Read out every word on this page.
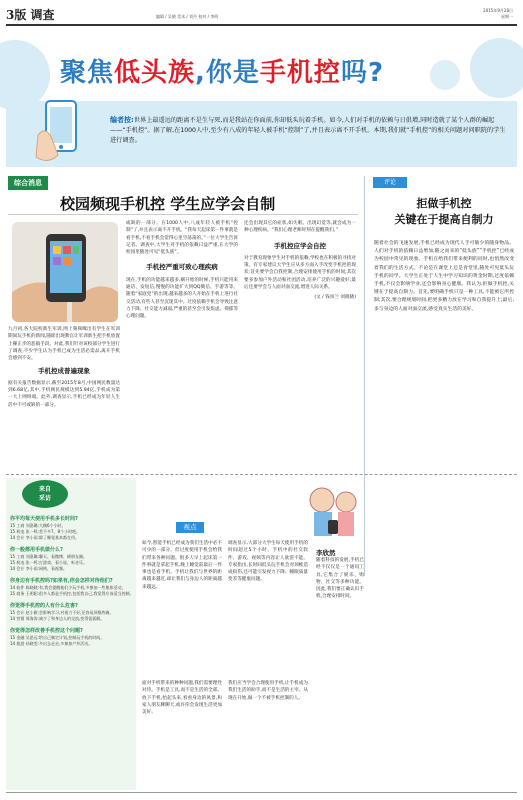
3版 调查	编辑 / 吴晓 美术 / 刘丹 校对 / 李明
2015年9月28日
星期一
聚焦低头族,你是手机控吗?
编者按:世界上最遥远的距离不是生与死,而是我站在你面前,你却低头玩着手机。如今,人们对手机的依赖与日俱增,同时造就了某个人群的崛起——“手机控”。据了解,在1000人中,至少有八成的年轻人被手机“控制”了,并且表示离不开手机。本期,我们就“手机控”的相关问题对问职院的学生进行调查。
综合消息
校园频现手机控 学生应学会自制
九月初,各大院校新生军训,网上频频曝出有学生在军训期间玩手机的新闻,随即出现教官让军训新生把手机放置上操正步的恶搞手段。对此,我们针对该校部分学生进行了调查,不少学生认为手机已成为生活必需品,离开手机会感到不安。
手机控成普遍现象
据有关报告数据显示,截至2015年8月,中国网民数量达到6.68亿,其中,手机网民规模达到5.94亿,手机成为第一大上网终端。此外,调查显示,手机已经成为年轻人生活中不可或缺的一部分。
或缺的一部分。在1000人中,八成年轻人被手机“控制”了,并且表示离不开手机。“我每天起床第一件事就是看手机,不看手机会觉得心里空荡荡的。”一位大学生告诉记者。调查中,大学生对手机的依赖日益严重,在大学的校园里随处可见“低头族”。
手机控严重可致心理疾病
现在,手机的功能越来越多,刷开始的时候,手机只能用来通话、发短信,慢慢的功能扩大到QQ微信、手游等等。随着“家庭党”的出现,越来越多的人开始在手机上进行社交活动,有些人甚至沉迷其中。过度依赖手机会导致注意力下降、社交能力减弱,严重的甚至会引发焦虑、抑郁等心理问题。
还会出现其它的症状,如失眠、出现幻觉等,就会成为一种心理疾病。“我们心理老师时刻在提醒我们。”
手机控应学会自控
对于教育现象学生对手机的依赖,学校也在积极的寻找对策。有专家建议大学生应从多方面入手改变手机控的现状:首先要学会自我控制,合理安排使用手机的时间;其次要多参加户外活动和社团活动,培养广泛的兴趣爱好;最后还要学会与人面对面交流,增进人际关系。
(文 / 钱凤兰 刘晓晓)
评论
拒做手机控
关键在于提高自制力
随着社会的飞速发展,手机已经成为现代人手可敏少的随身物品。人们对手机的依赖日益增加,随之而来的“低头族”“手机控”已经成为校园中常见的现象。手机在给我们带来便利的同时,也悄然改变着我们的生活方式。不论是在课堂上还是食堂里,随处可见低头玩手机的同学。大学生正处于人生中学习知识的黄金时期,过度依赖手机,不仅会影响学业,还会影响身心健康。我认为,拒做手机控,关键在于提高自制力。首先,要明确手机只是一种工具,不能被它所控制;其次,要合理规划时间,把更多精力放在学习和自我提升上;最后,多与身边的人面对面交流,感受真实生活的美好。
来自
采访
你平均每天使用手机多长时间?
15 工商 刘嘉璐:大概6个小时。
15 机电 张一鸣:差不多7、8个小时吧。
14 会计 李小雨:除了睡觉基本都在用。
你一般都用手机做什么?
15 工商 刘嘉璐:聊天、看微博、刷朋友圈。
15 机电 张一鸣:打游戏、看小说、听音乐。
14 会计 李小雨:网购、看视频。
你身边有手机控吗?如果有,你会怎样对待他们?
14 软件 陈晓晓:有,我会提醒他们少玩手机,多参加一些集体活动。
15 商务 王明阳:很多人都是手机控,包括我自己,我觉得应该适当控制。
你觉得手机控的人有什么危害?
15 会计 赵小雅:会影响学习,对视力不好,还容易颈椎疼痛。
14 营销 周海涛:减少了和身边人的交流,变得很孤僻。
你觉得怎样改善手机控这个问题?
15 金融 吴思远:给自己制定计划,控制玩手机的时间。
14 旅游 孙晓雯:多出去走走,多参加户外活动。
视点
如今,智能手机已经成为我们生活中必不可少的一部分。但过度使用手机会给我们带来各种问题。很多人早上起床第一件事就是拿起手机,晚上睡觉前最后一件事也是看手机。手机让我们与世界的距离越来越近,却让我们与身边人的距离越来越远。
调查显示,大部分大学生每天使用手机的时间超过5个小时。手机中的社交软件、游戏、视频等内容让人欲罢不能。专家指出,长时间低头玩手机会对颈椎造成损伤,还可能引发视力下降、睡眠质量变差等健康问题。
面对手机带来的种种问题,我们需要理性对待。手机是工具,而不是生活的全部。放下手机,抬起头来,看看身边的风景,和家人朋友聊聊天,或许你会发现生活更加美好。
我们应当学会合理使用手机,让手机成为我们生活的助手,而不是生活的主宰。从现在开始,做一个不被手机控制的人。
李欣然
随着科技的发展,手机已经不仅仅是一个通讯工具,它集合了娱乐、购物、社交等多种功能。因此,我们要正确认识手机,合理安排时间。
